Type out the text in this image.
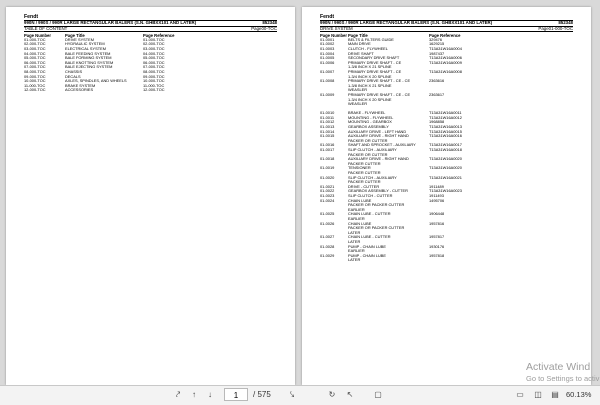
Fendt
990N / 990S / 990R LARGE RECTANGULAR BALERS (S.N. GHBXX101 AND LATER)	852348
TABLE OF CONTENT	Page00-TOC
Page Number	Page Title	Page Reference
01-000-TOC	DRIVE SYSTEM	01-000-TOC
02-000-TOC	HYDRAULIC SYSTEM	02-000-TOC
03-000-TOC	ELECTRICAL SYSTEM	03-000-TOC
04-000-TOC	BALE FEEDING SYSTEM	04-000-TOC
05-000-TOC	BALE FORMING SYSTEM	05-000-TOC
06-000-TOC	BALE KNOTTING SYSTEM	06-000-TOC
07-000-TOC	BALE EJECTING SYSTEM	07-000-TOC
08-000-TOC	CHASSIS	08-000-TOC
09-000-TOC	DECALS	09-000-TOC
10-000-TOC	AXLES, SPINDLES, AND WHEELS	10-000-TOC
11-000-TOC	BRAKE SYSTEM	11-000-TOC
12-000-TOC	ACCESSORIES	12-000-TOC
Fendt
990N / 990S / 990R LARGE RECTANGULAR BALERS (S.N. GHBXX101 AND LATER)	852348
DRIVE SYSTEM	Page01-000-TOC
Page Number Page Title	Page Reference
01-0001	BELTS & FILTERS GUIDE	329476
01-0002	MAIN DRIVE	1629215
01-0003	CLUTCH - FLYWHEEL	T13A31W16A0004
01-0004	DRIVE SHAFT	1987437
01-0005	SECONDARY DRIVE SHAFT	T13A31W16A0006
01-0006	PRIMARY DRIVE SHAFT - CE	T13A31W16A0009
1-3/8 INCH X 21 SPLINE
01-0007	PRIMARY DRIVE SHAFT - CE	T13A31W16A0008
1-3/4 INCH X 20 SPLINE
01-0008	PRIMARY DRIVE SHAFT - CE - CE	2363616
1-3/8 INCH X 21 SPLINE
WEASLER
01-0009	PRIMARY DRIVE SHAFT - CE - CE	2363617
1-3/4 INCH X 20 SPLINE
WEASLER
01-0010	BRAKE - FLYWHEEL	T13A31W16A0011
01-0011	MOUNTING - FLYWHEEL	T13A31W16A0012
01-0012	MOUNTING - GEARBOX	1968858
01-0013	GEARBOX ASSEMBLY	T13A31W16A0013
01-0014	AUXILIARY DRIVE - LEFT HAND	T13A31W16A0015
01-0015	AUXILIARY DRIVE - RIGHT HAND	T13A31W16A0016
PACKER OR CUTTER
01-0016	SHAFT AND SPROCKET - AUXILIARY	T13A31W16A0017
01-0017	SLIP CLUTCH - AUXILIARY	T13A31W16A0018
PACKER OR CUTTER
01-0018	AUXILIARY DRIVE - RIGHT HAND	T13A31W16A0020
PACKER CUTTER
01-0019	TENSIONER	T13A31W16A0020
PACKER CUTTER
01-0020	SLIP CLUTCH - AUXILIARY	T13A31W16A0021
PACKER CUTTER
01-0021	DRIVE - CUTTER	1911489
01-0022	GEARBOX ASSEMBLY - CUTTER	T13A31W16A0023
01-0023	SLIP CLUTCH - CUTTER	1911493
01-0024	CHAIN LUBE	1495706
PACKER OR PACKER CUTTER
EARLIER
01-0025	CHAIN LUBE - CUTTER	1906448
EARLIER
01-0026	CHAIN LUBE	1957816
PACKER OR PACKER CUTTER
LATER
01-0027	CHAIN LUBE - CUTTER	1957817
LATER
01-0028	PUMP - CHAIN LUBE	1930176
EARLIER
01-0029	PUMP - CHAIN LUBE	1957818
LATER
Activate Wind
Go to Settings to activ
⤤	↑	↓	1	/ 575	⤥	↻	↖	▢	▭ ◫ ▤ 60.13%
